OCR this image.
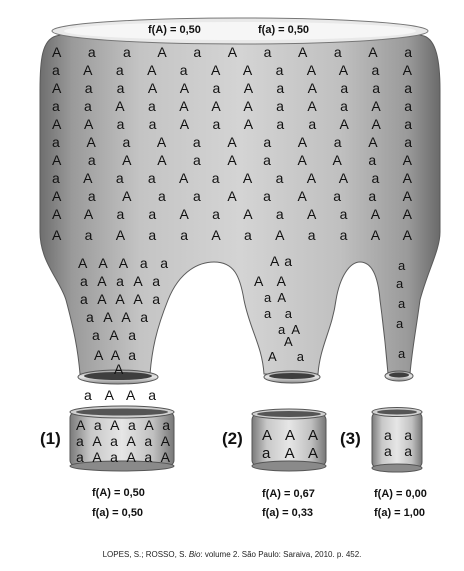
f(A) = 0,50	f(a) = 0,50
A a a A a A a A a A a
a A a A a A A a A A a A
A a a A A a A a A a a a
a a A a A A A a A a A a
A A a a A a A a a A A a
a A a A a A a A a A a
A a A A a A a A A a A
a A a a A a A a A A a A
A a A a a A a A a a A
A A a a A a A a A a A A
A a A a a A a A a a A A
A A A a a
a A a A a
a A A A a
a A A a
a A a
A A a
A a
A A
a A
a a
a A
A
A a
a
a
a
a
a
A
a A A a
A a A a A a
a A a A a A
a A a A a A
A A A
a A A
a a
a a
(1)	(2)	(3)
f(A) = 0,50
f(a) = 0,50
f(A) = 0,67
f(a) = 0,33
f(A) = 0,00
f(a) = 1,00
LOPES, S.; ROSSO, S. Bio: volume 2. São Paulo: Saraiva, 2010. p. 452.
